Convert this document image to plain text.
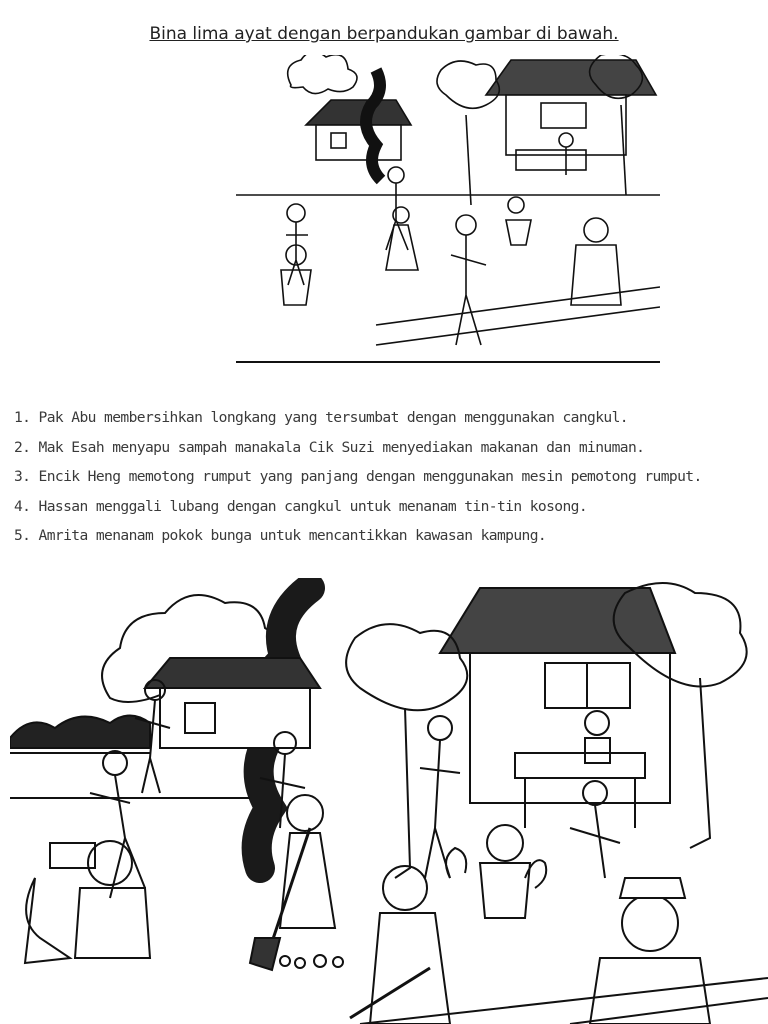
Bina lima ayat dengan berpandukan gambar di bawah.
1. Pak Abu membersihkan longkang yang tersumbat dengan menggunakan cangkul.
2. Mak Esah menyapu sampah manakala Cik Suzi menyediakan makanan dan minuman.
3. Encik Heng memotong rumput yang panjang dengan menggunakan mesin pemotong rumput.
4. Hassan menggali lubang dengan cangkul untuk menanam tin-tin kosong.
5. Amrita menanam pokok bunga untuk mencantikkan kawasan kampung.
